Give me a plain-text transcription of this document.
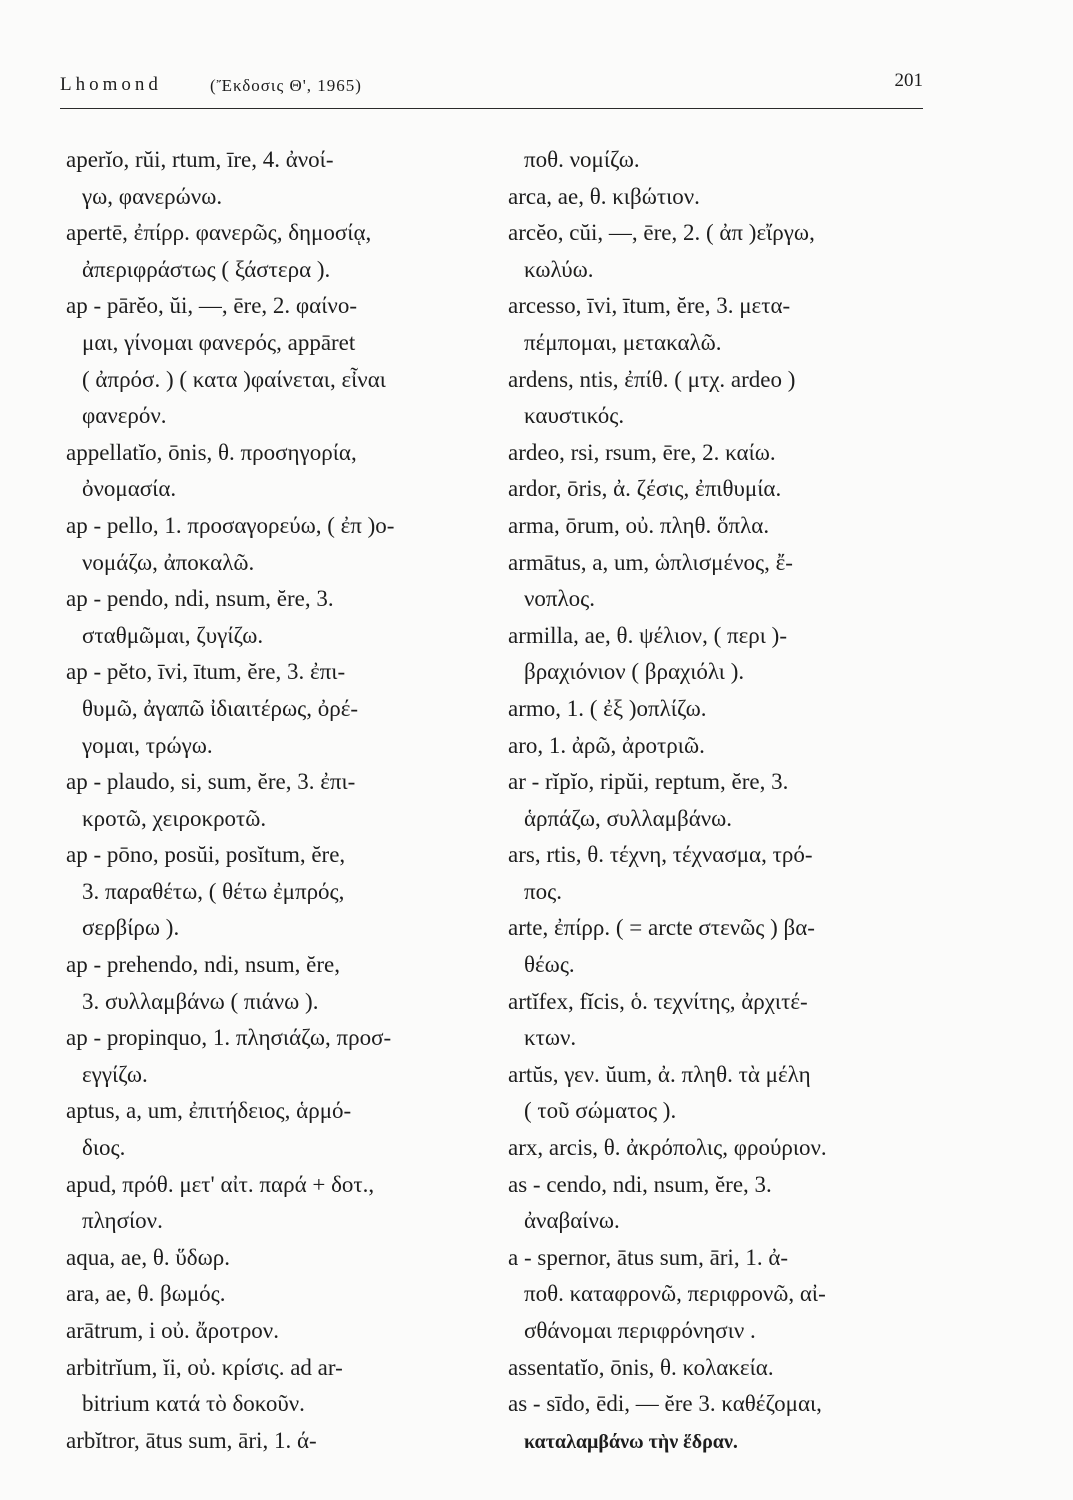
Lhomond	(Ἔκδοσις Θ', 1965)	201
aperĭo, rŭi, rtum, īre, 4. ἀνοί-
γω, φανερώνω.
apertē, ἐπίρρ. φανερῶς, δημοσίᾳ,
ἀπεριφράστως ( ξάστερα ).
ap - pārĕo, ŭi, —, ēre, 2. φαίνο-
μαι, γίνομαι φανερός, appāret
( ἀπρόσ. ) ( κατα )φαίνεται, εἶναι
φανερόν.
appellatĭo, ōnis, θ. προσηγορία,
ὀνομασία.
ap - pello, 1. προσαγορεύω, ( ἐπ )ο-
νομάζω, ἀποκαλῶ.
ap - pendo, ndi, nsum, ĕre, 3.
σταθμῶμαι, ζυγίζω.
ap - pĕto, īvi, ītum, ĕre, 3. ἐπι-
θυμῶ, ἀγαπῶ ἰδιαιτέρως, ὀρέ-
γομαι, τρώγω.
ap - plaudo, si, sum, ĕre, 3. ἐπι-
κροτῶ, χειροκροτῶ.
ap - pōno, posŭi, posĭtum, ĕre,
3. παραθέτω, ( θέτω ἐμπρός,
σερβίρω ).
ap - prehendo, ndi, nsum, ĕre,
3. συλλαμβάνω ( πιάνω ).
ap - propinquo, 1. πλησιάζω, προσ-
εγγίζω.
aptus, a, um, ἐπιτήδειος, ἁρμό-
διος.
apud, πρόθ. μετ' αἰτ. παρά + δοτ.,
πλησίον.
aqua, ae, θ. ὕδωρ.
ara, ae, θ. βωμός.
arātrum, i οὐ. ἄροτρον.
arbitrĭum, ĭi, οὐ. κρίσις. ad ar-
bitrium κατά τὸ δοκοῦν.
arbĭtror, ātus sum, āri, 1. ά-
ποθ. νομίζω.
arca, ae, θ. κιβώτιον.
arcĕo, cŭi, —, ēre, 2. ( ἀπ )εἴργω,
κωλύω.
arcesso, īvi, ītum, ĕre, 3. μετα-
πέμπομαι, μετακαλῶ.
ardens, ntis, ἐπίθ. ( μτχ. ardeo )
καυστικός.
ardeo, rsi, rsum, ēre, 2. καίω.
ardor, ōris, ἀ. ζέσις, ἐπιθυμία.
arma, ōrum, οὐ. πληθ. ὅπλα.
armātus, a, um, ὡπλισμένος, ἔ-
νοπλος.
armilla, ae, θ. ψέλιον, ( περι )-
βραχιόνιον ( βραχιόλι ).
armo, 1. ( ἐξ )οπλίζω.
aro, 1. ἀρῶ, ἀροτριῶ.
ar - rĭpĭo, ripŭi, reptum, ĕre, 3.
ἁρπάζω, συλλαμβάνω.
ars, rtis, θ. τέχνη, τέχνασμα, τρό-
πος.
arte, ἐπίρρ. ( = arcte στενῶς ) βα-
θέως.
artĭfex, fĭcis, ὁ. τεχνίτης, ἀρχιτέ-
κτων.
artŭs, γεν. ŭum, ἀ. πληθ. τὰ μέλη
( τοῦ σώματος ).
arx, arcis, θ. ἀκρόπολις, φρούριον.
as - cendo, ndi, nsum, ĕre, 3.
ἀναβαίνω.
a - spernor, ātus sum, āri, 1. ἀ-
ποθ. καταφρονῶ, περιφρονῶ, αἰ-
σθάνομαι περιφρόνησιν .
assentatĭo, ōnis, θ. κολακεία.
as - sīdo, ēdi, — ĕre 3. καθέζομαι,
καταλαμβάνω τὴν ἕδραν.
